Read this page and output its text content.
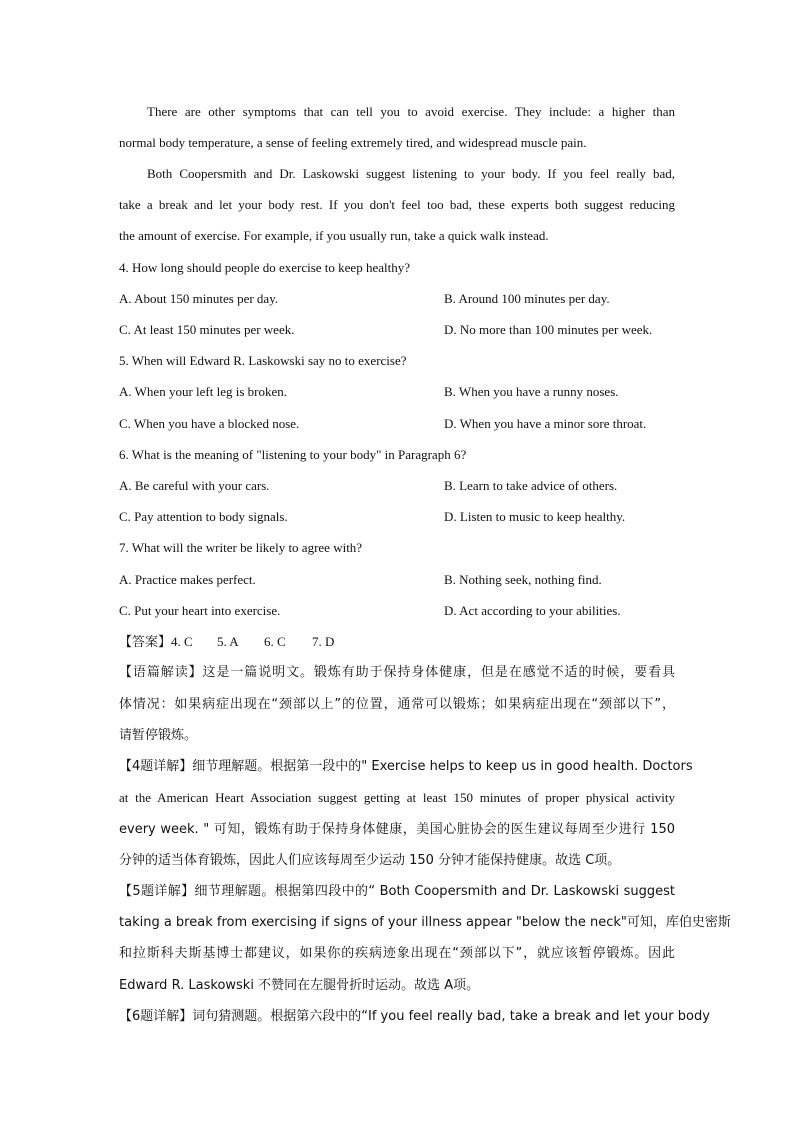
There are other symptoms that can tell you to avoid exercise. They include: a higher than
normal body temperature, a sense of feeling extremely tired, and widespread muscle pain.
Both Coopersmith and Dr. Laskowski suggest listening to your body. If you feel really bad,
take a break and let your body rest. If you don't feel too bad, these experts both suggest reducing
the amount of exercise. For example, if you usually run, take a quick walk instead.
4. How long should people do exercise to keep healthy?
A. About 150 minutes per day.	B. Around 100 minutes per day.
C. At least 150 minutes per week.	D. No more than 100 minutes per week.
5. When will Edward R. Laskowski say no to exercise?
A. When your left leg is broken.	B. When you have a runny noses.
C. When you have a blocked nose.	D. When you have a minor sore throat.
6. What is the meaning of "listening to your body" in Paragraph 6?
A. Be careful with your cars.	B. Learn to take advice of others.
C. Pay attention to body signals.	D. Listen to music to keep healthy.
7. What will the writer be likely to agree with?
A. Practice makes perfect.	B. Nothing seek, nothing find.
C. Put your heart into exercise.	D. Act according to your abilities.
【答案】4. C 5. A 6. C 7. D
【语篇解读】这是一篇说明文。锻炼有助于保持身体健康，但是在感觉不适的时候，要看具
体情况：如果病症出现在“颈部以上”的位置，通常可以锻炼；如果病症出现在“颈部以下”，
请暂停锻炼。
【4题详解】细节理解题。根据第一段中的" Exercise helps to keep us in good health. Doctors
at the American Heart Association suggest getting at least 150 minutes of proper physical activity
every week. " 可知，锻炼有助于保持身体健康，美国心脏协会的医生建议每周至少进行 150
分钟的适当体育锻炼，因此人们应该每周至少运动 150 分钟才能保持健康。故选 C项。
【5题详解】细节理解题。根据第四段中的“ Both Coopersmith and Dr. Laskowski suggest
taking a break from exercising if signs of your illness appear "below the neck"可知，库伯史密斯
和拉斯科夫斯基博士都建议，如果你的疾病迹象出现在“颈部以下”，就应该暂停锻炼。因此
Edward R. Laskowski 不赞同在左腿骨折时运动。故选 A项。
【6题详解】词句猜测题。根据第六段中的“If you feel really bad, take a break and let your body
